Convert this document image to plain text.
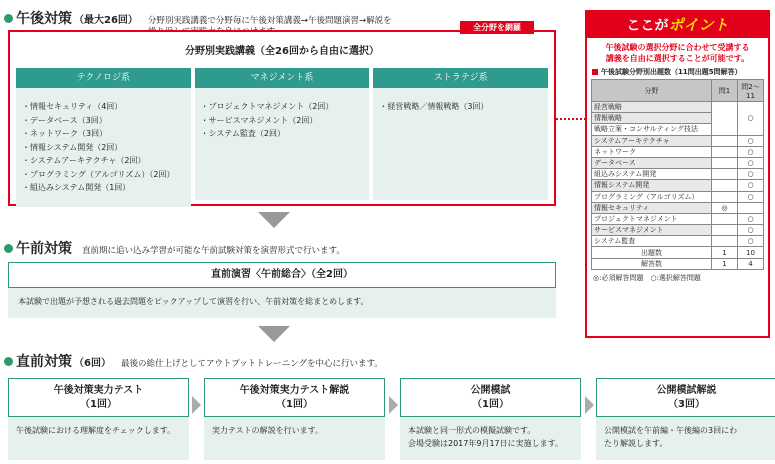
午後対策 （最大26回） 分野別実践講義で分野毎に午後対策講義→午後問題演習→解説を

分野別実践講義（全26回から自由に選択）
テクノロジ系
・情報セキュリティ（4回）
・データベース（3回）
・ネットワーク（3回）
・情報システム開発（2回）
・システムアーキテクチャ（2回）
・プログラミング（アルゴリズム）（2回）
・組込みシステム開発（1回）
マネジメント系
・プロジェクトマネジメント（2回）
・サービスマネジメント（2回）
・システム監査（2回）
ストラテジ系
・経営戦略／情報戦略（3回）
全分野を網羅
午前対策 直前期に追い込み学習が可能な午前試験対策を演習形式で行います。
直前演習〈午前総合〉（全2回）
本試験で出題が予想される過去問題をピックアップして演習を行い、午前対策を総まとめします。
直前対策 （6回） 最後の総仕上げとしてアウトプットトレーニングを中心に行います。
午後対策実力テスト
（1回）
午後試験における理解度をチェックします。
午後対策実力テスト解説
（1回）
実力テストの解説を行います。
公開模試
（1回）
本試験と同一形式の模擬試験です。
会場受験は2017年9月17日に実施します。
公開模試解説
（3回）
公開模試を午前編・午後編の3回にわ
たり解説します。
ここがポイント
午後試験の選択分野に合わせて受講する
講義を自由に選択することが可能です。
午後試験分野別出題数（11問出題5問解答）
分野	問1	問2～11
経営戦略		○
情報戦略		
戦略立案・コンサルティング技法		
システムアーキテクチャ		○
ネットワーク		○
データベース		○
組込みシステム開発		○
情報システム開発		○
プログラミング（アルゴリズム）		○
情報セキュリティ	◎	
プロジェクトマネジメント		○
サービスマネジメント		○
システム監査		○
出題数	1	10
解答数	1	4
◎:必須解答問題　○:選択解答問題
